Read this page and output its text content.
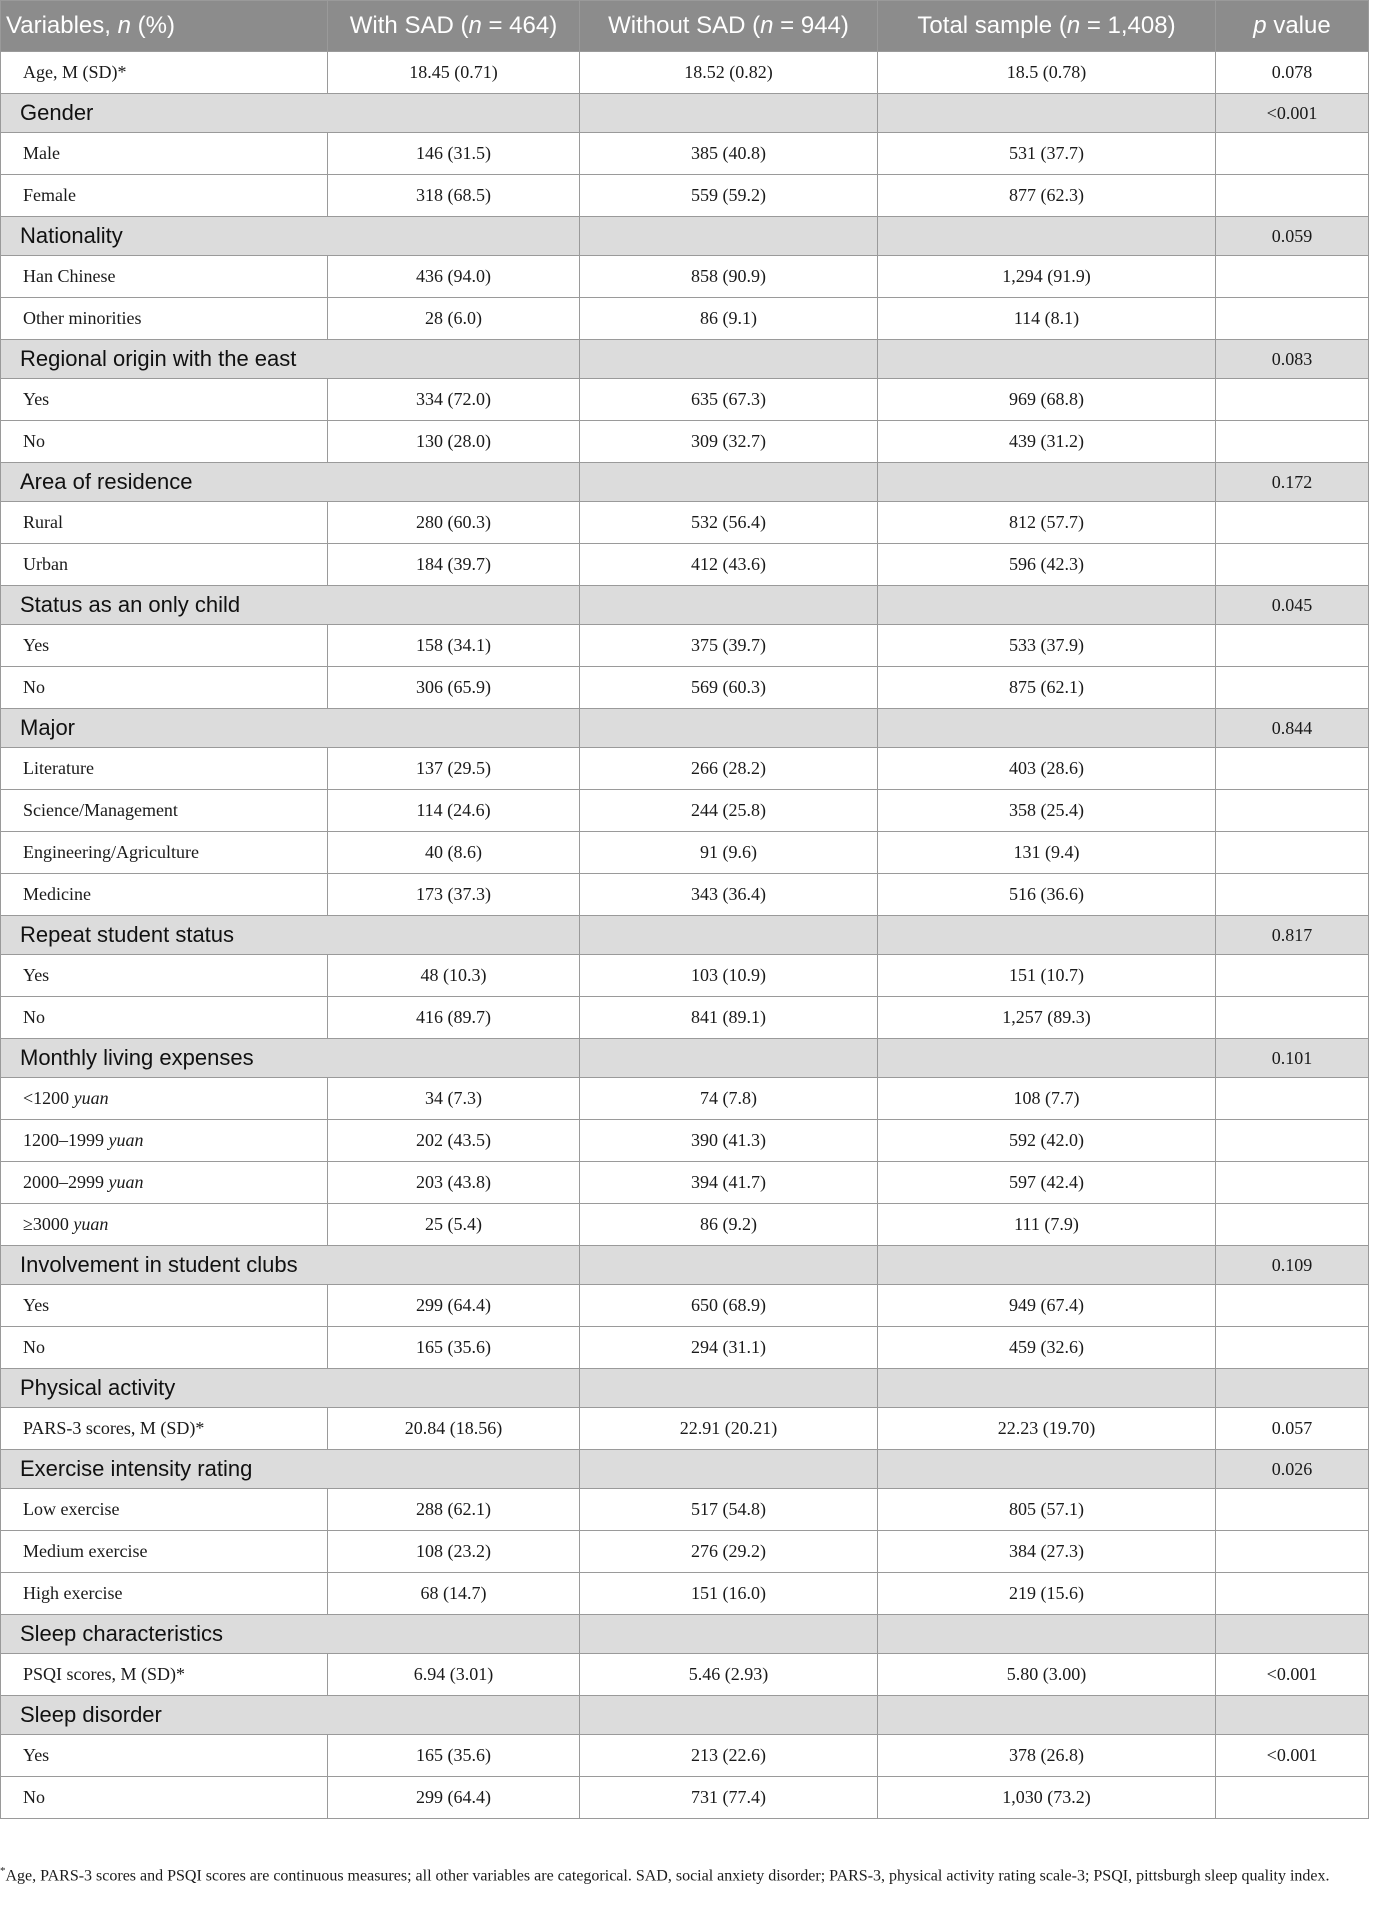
Variables, n (%)	With SAD (n = 464)	Without SAD (n = 944)	Total sample (n = 1,408)	p value
Age, M (SD)*	18.45 (0.71)	18.52 (0.82)	18.5 (0.78)	0.078
Gender				<0.001
Male	146 (31.5)	385 (40.8)	531 (37.7)	
Female	318 (68.5)	559 (59.2)	877 (62.3)	
Nationality				0.059
Han Chinese	436 (94.0)	858 (90.9)	1,294 (91.9)	
Other minorities	28 (6.0)	86 (9.1)	114 (8.1)	
Regional origin with the east				0.083
Yes	334 (72.0)	635 (67.3)	969 (68.8)	
No	130 (28.0)	309 (32.7)	439 (31.2)	
Area of residence				0.172
Rural	280 (60.3)	532 (56.4)	812 (57.7)	
Urban	184 (39.7)	412 (43.6)	596 (42.3)	
Status as an only child				0.045
Yes	158 (34.1)	375 (39.7)	533 (37.9)	
No	306 (65.9)	569 (60.3)	875 (62.1)	
Major				0.844
Literature	137 (29.5)	266 (28.2)	403 (28.6)	
Science/Management	114 (24.6)	244 (25.8)	358 (25.4)	
Engineering/Agriculture	40 (8.6)	91 (9.6)	131 (9.4)	
Medicine	173 (37.3)	343 (36.4)	516 (36.6)	
Repeat student status				0.817
Yes	48 (10.3)	103 (10.9)	151 (10.7)	
No	416 (89.7)	841 (89.1)	1,257 (89.3)	
Monthly living expenses				0.101
<1200 yuan	34 (7.3)	74 (7.8)	108 (7.7)	
1200–1999 yuan	202 (43.5)	390 (41.3)	592 (42.0)	
2000–2999 yuan	203 (43.8)	394 (41.7)	597 (42.4)	
≥3000 yuan	25 (5.4)	86 (9.2)	111 (7.9)	
Involvement in student clubs				0.109
Yes	299 (64.4)	650 (68.9)	949 (67.4)	
No	165 (35.6)	294 (31.1)	459 (32.6)	
Physical activity				
PARS-3 scores, M (SD)*	20.84 (18.56)	22.91 (20.21)	22.23 (19.70)	0.057
Exercise intensity rating				0.026
Low exercise	288 (62.1)	517 (54.8)	805 (57.1)	
Medium exercise	108 (23.2)	276 (29.2)	384 (27.3)	
High exercise	68 (14.7)	151 (16.0)	219 (15.6)	
Sleep characteristics				
PSQI scores, M (SD)*	6.94 (3.01)	5.46 (2.93)	5.80 (3.00)	<0.001
Sleep disorder				
Yes	165 (35.6)	213 (22.6)	378 (26.8)	<0.001
No	299 (64.4)	731 (77.4)	1,030 (73.2)	
*Age, PARS-3 scores and PSQI scores are continuous measures; all other variables are categorical. SAD, social anxiety disorder; PARS-3, physical activity rating scale-3; PSQI, pittsburgh sleep quality index.
